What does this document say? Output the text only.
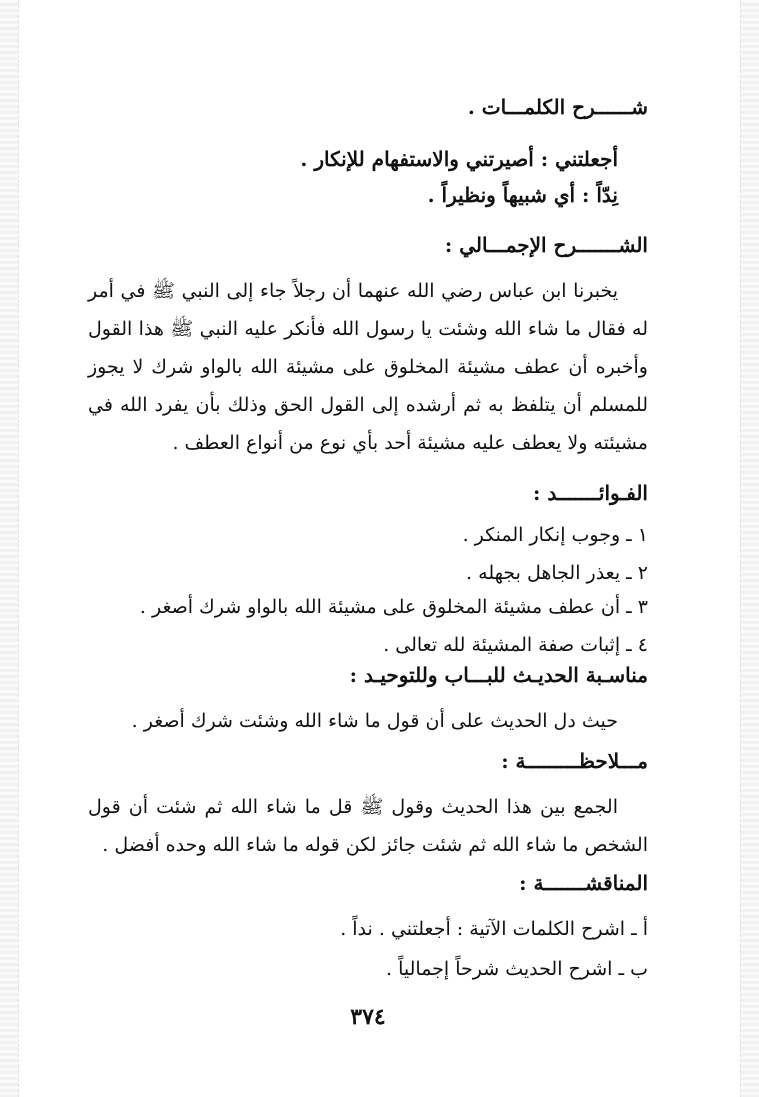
شــــــرح الكلمـــات .
أجعلتني : أصيرتني والاستفهام للإنكار .
نِدّاً : أي شبيهاً ونظيراً .
الشـــــــرح الإجمـــالي :
يخبرنا ابن عباس رضي الله عنهما أن رجلاً جاء إلى النبي ﷺ في أمر
له فقال ما شاء الله وشئت يا رسول الله فأنكر عليه النبي ﷺ هذا القول
وأخبره أن عطف مشيئة المخلوق على مشيئة الله بالواو شرك لا يجوز
للمسلم أن يتلفظ به ثم أرشده إلى القول الحق وذلك بأن يفرد الله في
مشيئته ولا يعطف عليه مشيئة أحد بأي نوع من أنواع العطف .
الفـوائـــــــد :
١ ـ وجوب إنكار المنكر .
٢ ـ يعذر الجاهل بجهله .
٣ ـ أن عطف مشيئة المخلوق على مشيئة الله بالواو شرك أصغر .
٤ ـ إثبات صفة المشيئة لله تعالى .
مناسـبة الحديـث للبـــاب وللتوحيـد :
حيث دل الحديث على أن قول ما شاء الله وشئت شرك أصغر .
مـــلاحظـــــــــة :
الجمع بين هذا الحديث وقول ﷺ قل ما شاء الله ثم شئت أن قول
الشخص ما شاء الله ثم شئت جائز لكن قوله ما شاء الله وحده أفضل .
المناقشـــــــة :
أ ـ اشرح الكلمات الآتية : أجعلتني . نداً .
ب ـ اشرح الحديث شرحاً إجمالياً .
٣٧٤
